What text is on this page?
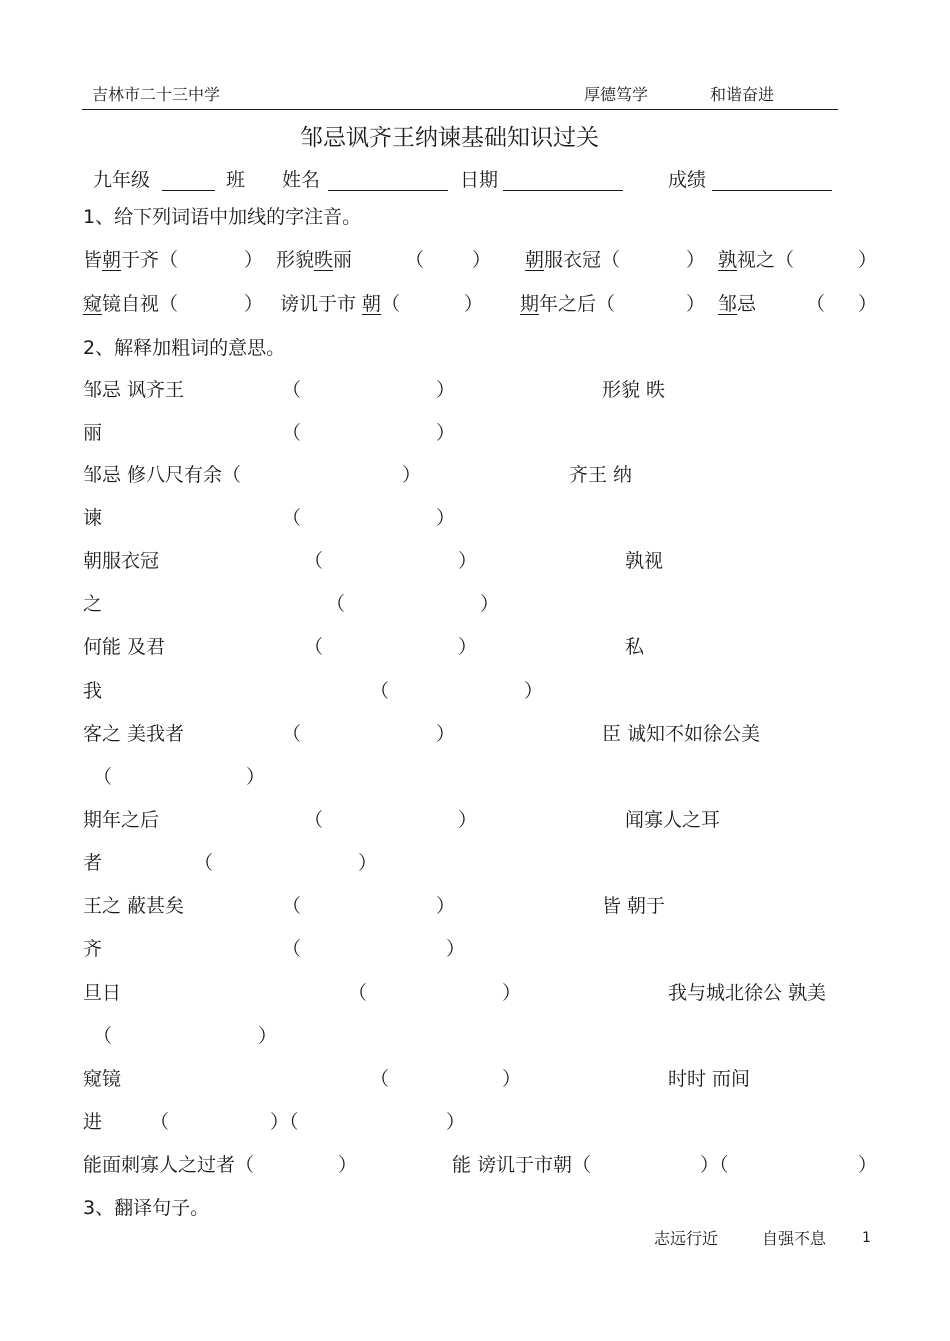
吉林市二十三中学	厚德笃学	和谐奋进
邹忌讽齐王纳谏基础知识过关
九年级	班 姓名	日期	成绩
1、给下列词语中加线的字注音。
皆朝于齐（	） 形貌昳丽	（	） 朝服衣冠（	） 孰视之（	）
窥镜自视（	） 谤讥于市 朝（	） 期年之后（	） 邹忌	（ ）
2、解释加粗词的意思。
邹忌 讽齐王	（	）	形貌 昳
丽	（	）
邹忌 修八尺有余（	）	齐王 纳
谏	（	）
朝服衣冠	（	）	孰视
之	（	）
何能 及君	（	）	私
我	（	）
客之 美我者	（	）	臣 诚知不如徐公美
（	）
期年之后	（	）	闻寡人之耳
者	（	）
王之 蔽甚矣	（	）	皆 朝于
齐	（	）
旦日	（	）	我与城北徐公 孰美
（	）
窥镜	（	）	时时 而间
进	（	）（	）
能面刺寡人之过者（	）	能 谤讥于市朝（	）（	）
3、翻译句子。
志远行近	自强不息	1
